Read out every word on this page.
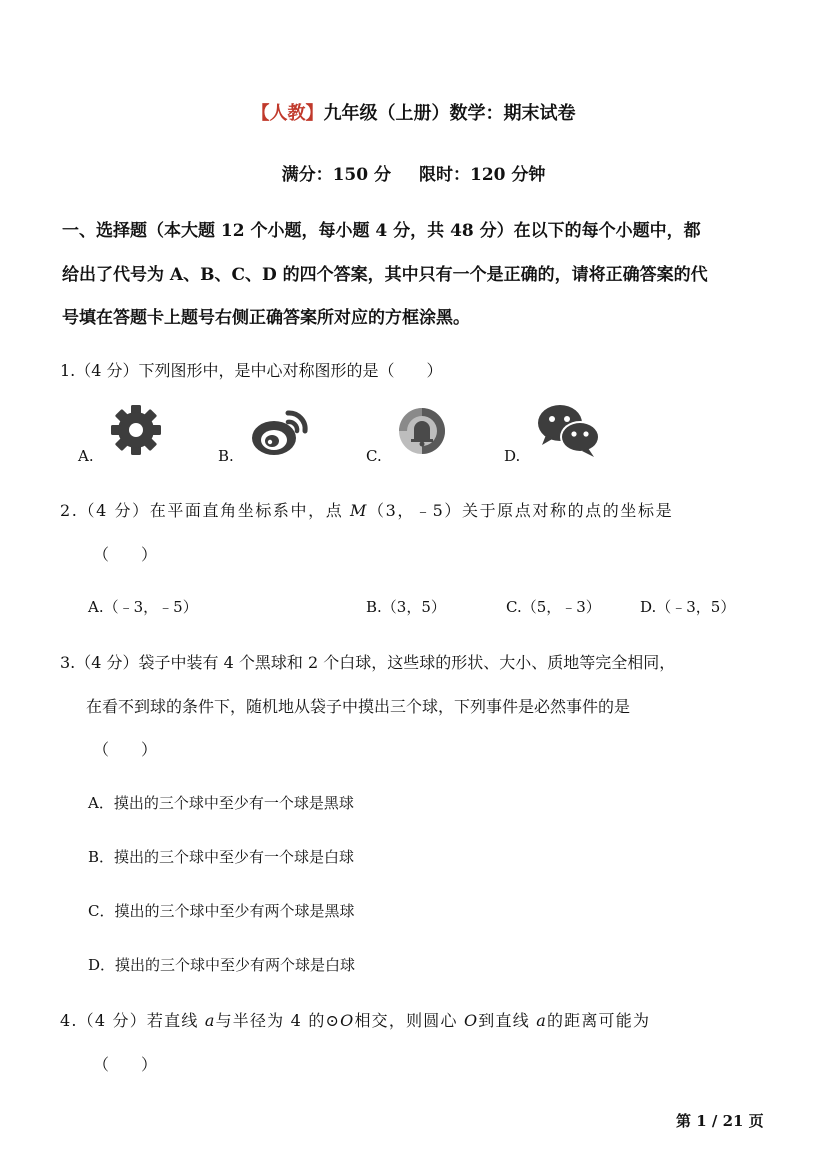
【人教】九年级（上册）数学：期末试卷
满分：150 分 限时：120 分钟
一、选择题（本大题 12 个小题，每小题 4 分，共 48 分）在以下的每个小题中，都
给出了代号为 A、B、C、D 的四个答案，其中只有一个是正确的，请将正确答案的代
号填在答题卡上题号右侧正确答案所对应的方框涂黑。
1.（4 分）下列图形中，是中心对称图形的是（　　）
A.	B.	C.	D.
2.（4 分）在平面直角坐标系中，点 M（3，﹣5）关于原点对称的点的坐标是
（　　）
A.（﹣3，﹣5）	B.（3，5）	C.（5，﹣3）	D.（﹣3，5）
3.（4 分）袋子中装有 4 个黑球和 2 个白球，这些球的形状、大小、质地等完全相同，
在看不到球的条件下，随机地从袋子中摸出三个球，下列事件是必然事件的是
（　　）
A．摸出的三个球中至少有一个球是黑球
B．摸出的三个球中至少有一个球是白球
C．摸出的三个球中至少有两个球是黑球
D．摸出的三个球中至少有两个球是白球
4.（4 分）若直线 a与半径为 4 的⊙O相交，则圆心 O到直线 a的距离可能为
（　　）
第 1 / 21 页
